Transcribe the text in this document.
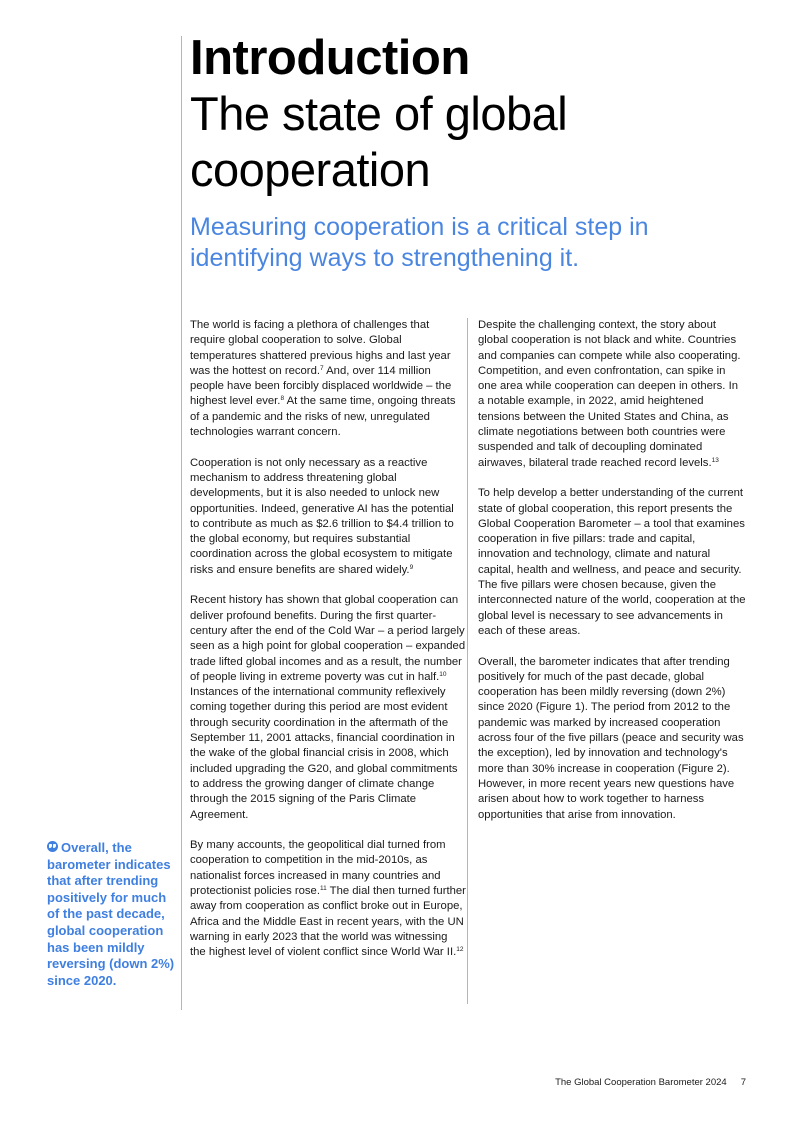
Introduction
The state of global cooperation
Measuring cooperation is a critical step in identifying ways to strengthening it.

The world is facing a plethora of challenges that require global cooperation to solve. Global temperatures shattered previous highs and last year was the hottest on record.$^7$ And, over 114 million people have been forcibly displaced worldwide – the highest level ever.$^8$ At the same time, ongoing threats of a pandemic and the risks of new, unregulated technologies warrant concern.

Cooperation is not only necessary as a reactive mechanism to address threatening global developments, but it is also needed to unlock new opportunities. Indeed, generative AI has the potential to contribute as much as $2.6 trillion to $4.4 trillion to the global economy, but requires substantial coordination across the global ecosystem to mitigate risks and ensure benefits are shared widely.$^9$

Recent history has shown that global cooperation can deliver profound benefits. During the first quarter-century after the end of the Cold War – a period largely seen as a high point for global cooperation – expanded trade lifted global incomes and as a result, the number of people living in extreme poverty was cut in half.$^{10}$ Instances of the international community reflexively coming together during this period are most evident through security coordination in the aftermath of the September 11, 2001 attacks, financial coordination in the wake of the global financial crisis in 2008, which included upgrading the G20, and global commitments to address the growing danger of climate change through the 2015 signing of the Paris Climate Agreement.

By many accounts, the geopolitical dial turned from cooperation to competition in the mid-2010s, as nationalist forces increased in many countries and protectionist policies rose.$^{11}$ The dial then turned further away from cooperation as conflict broke out in Europe, Africa and the Middle East in recent years, with the UN warning in early 2023 that the world was witnessing the highest level of violent conflict since World War II.$^{12}$

Despite the challenging context, the story about global cooperation is not black and white. Countries and companies can compete while also cooperating. Competition, and even confrontation, can spike in one area while cooperation can deepen in others. In a notable example, in 2022, amid heightened tensions between the United States and China, as climate negotiations between both countries were suspended and talk of decoupling dominated airwaves, bilateral trade reached record levels.$^{13}$

To help develop a better understanding of the current state of global cooperation, this report presents the Global Cooperation Barometer – a tool that examines cooperation in five pillars: trade and capital, innovation and technology, climate and natural capital, health and wellness, and peace and security. The five pillars were chosen because, given the interconnected nature of the world, cooperation at the global level is necessary to see advancements in each of these areas.

Overall, the barometer indicates that after trending positively for much of the past decade, global cooperation has been mildly reversing (down 2%) since 2020 (Figure 1). The period from 2012 to the pandemic was marked by increased cooperation across four of the five pillars (peace and security was the exception), led by innovation and technology's more than 30% increase in cooperation (Figure 2). However, in more recent years new questions have arisen about how to work together to harness opportunities that arise from innovation.

Overall, the barometer indicates that after trending positively for much of the past decade, global cooperation has been mildly reversing (down 2%) since 2020.
The Global Cooperation Barometer 2024 7
